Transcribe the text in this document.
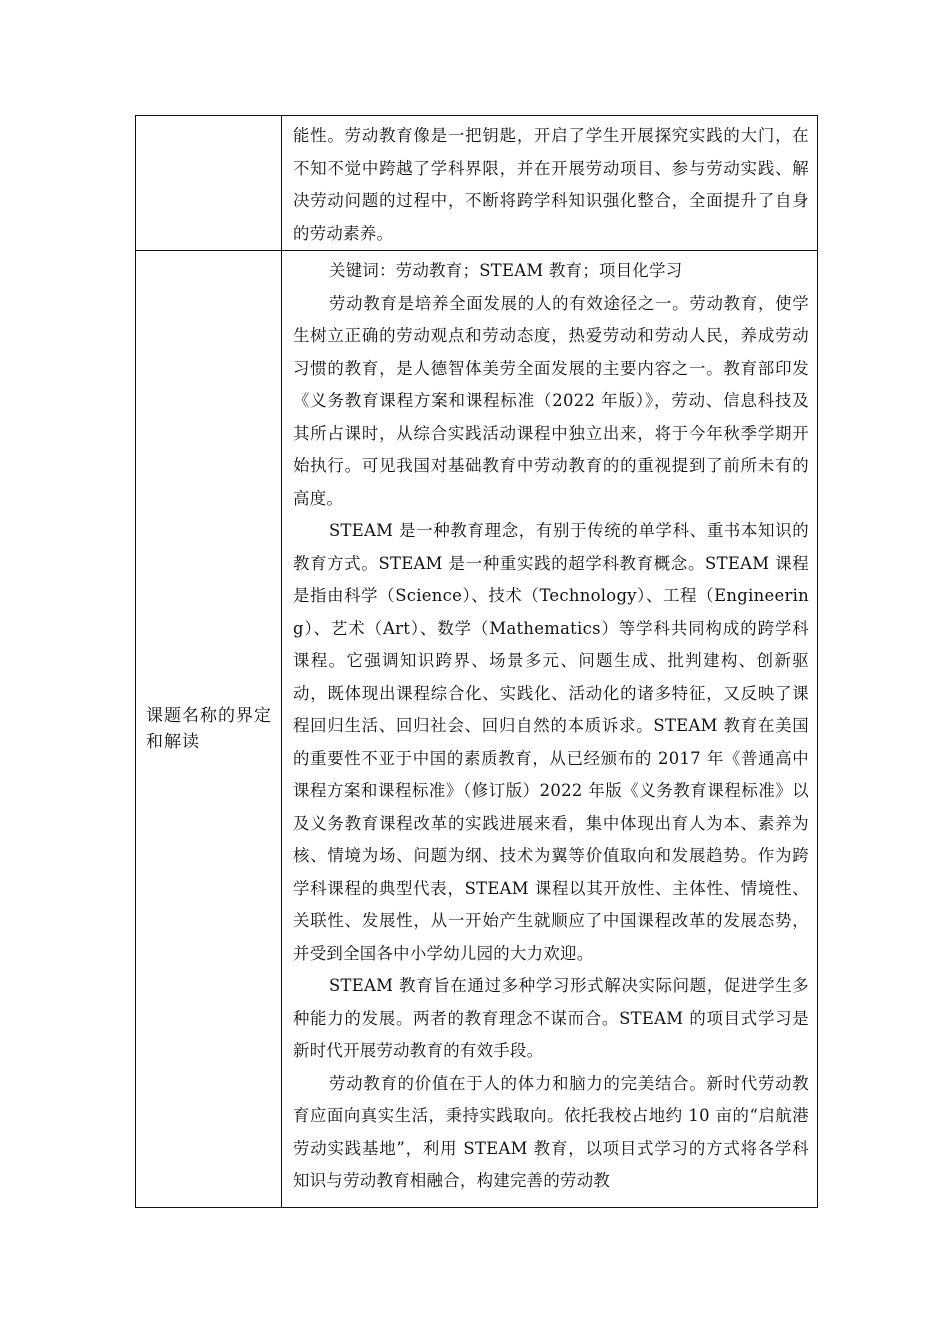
	能性。劳动教育像是一把钥匙，开启了学生开展探究实践的大门，在不知不觉中跨越了学科界限，并在开展劳动项目、参与劳动实践、解决劳动问题的过程中，不断将跨学科知识强化整合，全面提升了自身的劳动素养。

课题名称的界定和解读	关键词：劳动教育；STEAM 教育；项目化学习

劳动教育是培养全面发展的人的有效途径之一。劳动教育，使学生树立正确的劳动观点和劳动态度，热爱劳动和劳动人民，养成劳动习惯的教育，是人德智体美劳全面发展的主要内容之一。教育部印发《义务教育课程方案和课程标准（2022 年版）》，劳动、信息科技及其所占课时，从综合实践活动课程中独立出来，将于今年秋季学期开始执行。可见我国对基础教育中劳动教育的的重视提到了前所未有的高度。

STEAM 是一种教育理念，有别于传统的单学科、重书本知识的教育方式。STEAM 是一种重实践的超学科教育概念。STEAM 课程是指由科学（Science）、技术（Technology）、工程（Engineering）、艺术（Art）、数学（Mathematics）等学科共同构成的跨学科课程。它强调知识跨界、场景多元、问题生成、批判建构、创新驱动，既体现出课程综合化、实践化、活动化的诸多特征，又反映了课程回归生活、回归社会、回归自然的本质诉求。STEAM 教育在美国的重要性不亚于中国的素质教育，从已经颁布的 2017 年《普通高中课程方案和课程标准》（修订版）2022 年版《义务教育课程标准》以及义务教育课程改革的实践进展来看，集中体现出育人为本、素养为核、情境为场、问题为纲、技术为翼等价值取向和发展趋势。作为跨学科课程的典型代表，STEAM 课程以其开放性、主体性、情境性、关联性、发展性，从一开始产生就顺应了中国课程改革的发展态势，并受到全国各中小学幼儿园的大力欢迎。

STEAM 教育旨在通过多种学习形式解决实际问题，促进学生多种能力的发展。两者的教育理念不谋而合。STEAM 的项目式学习是新时代开展劳动教育的有效手段。

劳动教育的价值在于人的体力和脑力的完美结合。新时代劳动教育应面向真实生活，秉持实践取向。依托我校占地约 10 亩的“启航港劳动实践基地”，利用 STEAM 教育，以项目式学习的方式将各学科知识与劳动教育相融合，构建完善的劳动教
